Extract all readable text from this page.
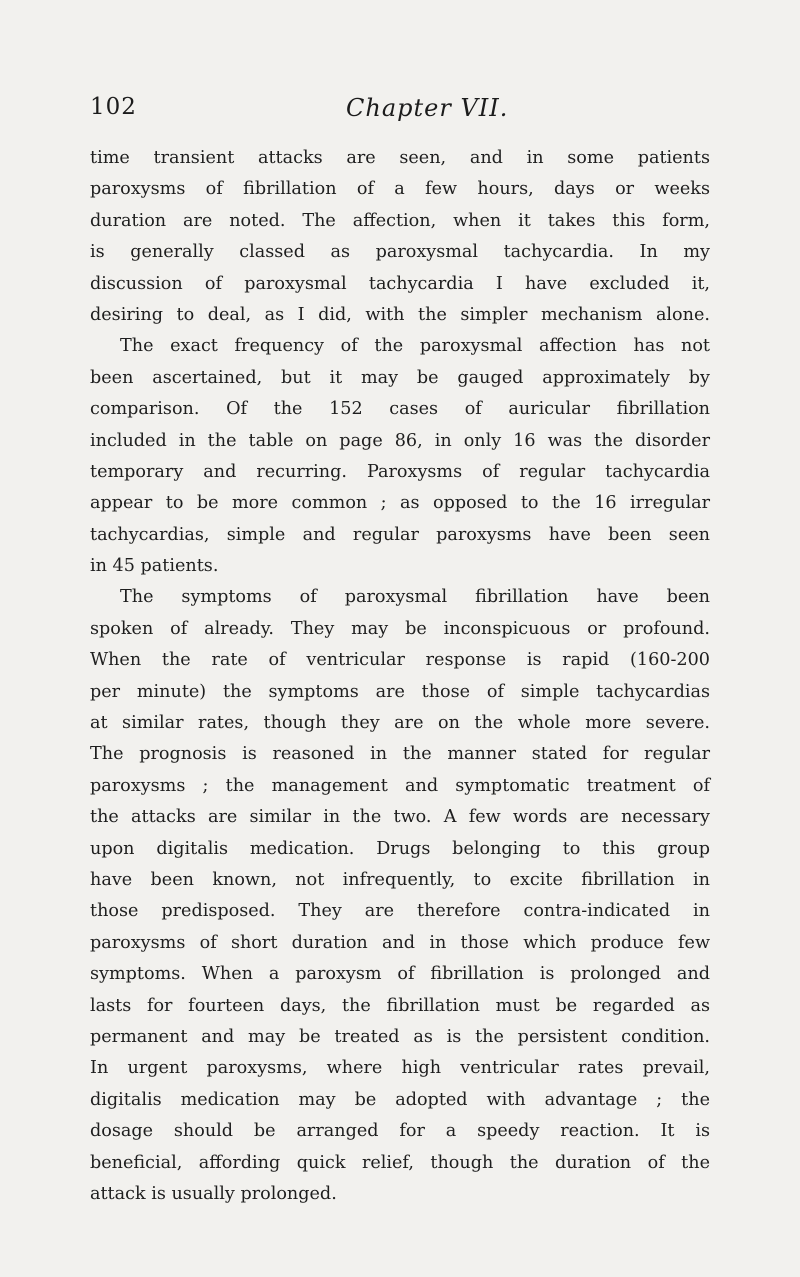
102	Chapter VII.
time transient attacks are seen, and in some patients
paroxysms of fibrillation of a few hours, days or weeks
duration are noted. The affection, when it takes this form,
is generally classed as paroxysmal tachycardia. In my
discussion of paroxysmal tachycardia I have excluded it,
desiring to deal, as I did, with the simpler mechanism alone.
The exact frequency of the paroxysmal affection has not
been ascertained, but it may be gauged approximately by
comparison. Of the 152 cases of auricular fibrillation
included in the table on page 86, in only 16 was the disorder
temporary and recurring. Paroxysms of regular tachycardia
appear to be more common ; as opposed to the 16 irregular
tachycardias, simple and regular paroxysms have been seen
in 45 patients.
The symptoms of paroxysmal fibrillation have been
spoken of already. They may be inconspicuous or profound.
When the rate of ventricular response is rapid (160-200
per minute) the symptoms are those of simple tachycardias
at similar rates, though they are on the whole more severe.
The prognosis is reasoned in the manner stated for regular
paroxysms ; the management and symptomatic treatment of
the attacks are similar in the two. A few words are necessary
upon digitalis medication. Drugs belonging to this group
have been known, not infrequently, to excite fibrillation in
those predisposed. They are therefore contra-indicated in
paroxysms of short duration and in those which produce few
symptoms. When a paroxysm of fibrillation is prolonged and
lasts for fourteen days, the fibrillation must be regarded as
permanent and may be treated as is the persistent condition.
In urgent paroxysms, where high ventricular rates prevail,
digitalis medication may be adopted with advantage ; the
dosage should be arranged for a speedy reaction. It is
beneficial, affording quick relief, though the duration of the
attack is usually prolonged.
